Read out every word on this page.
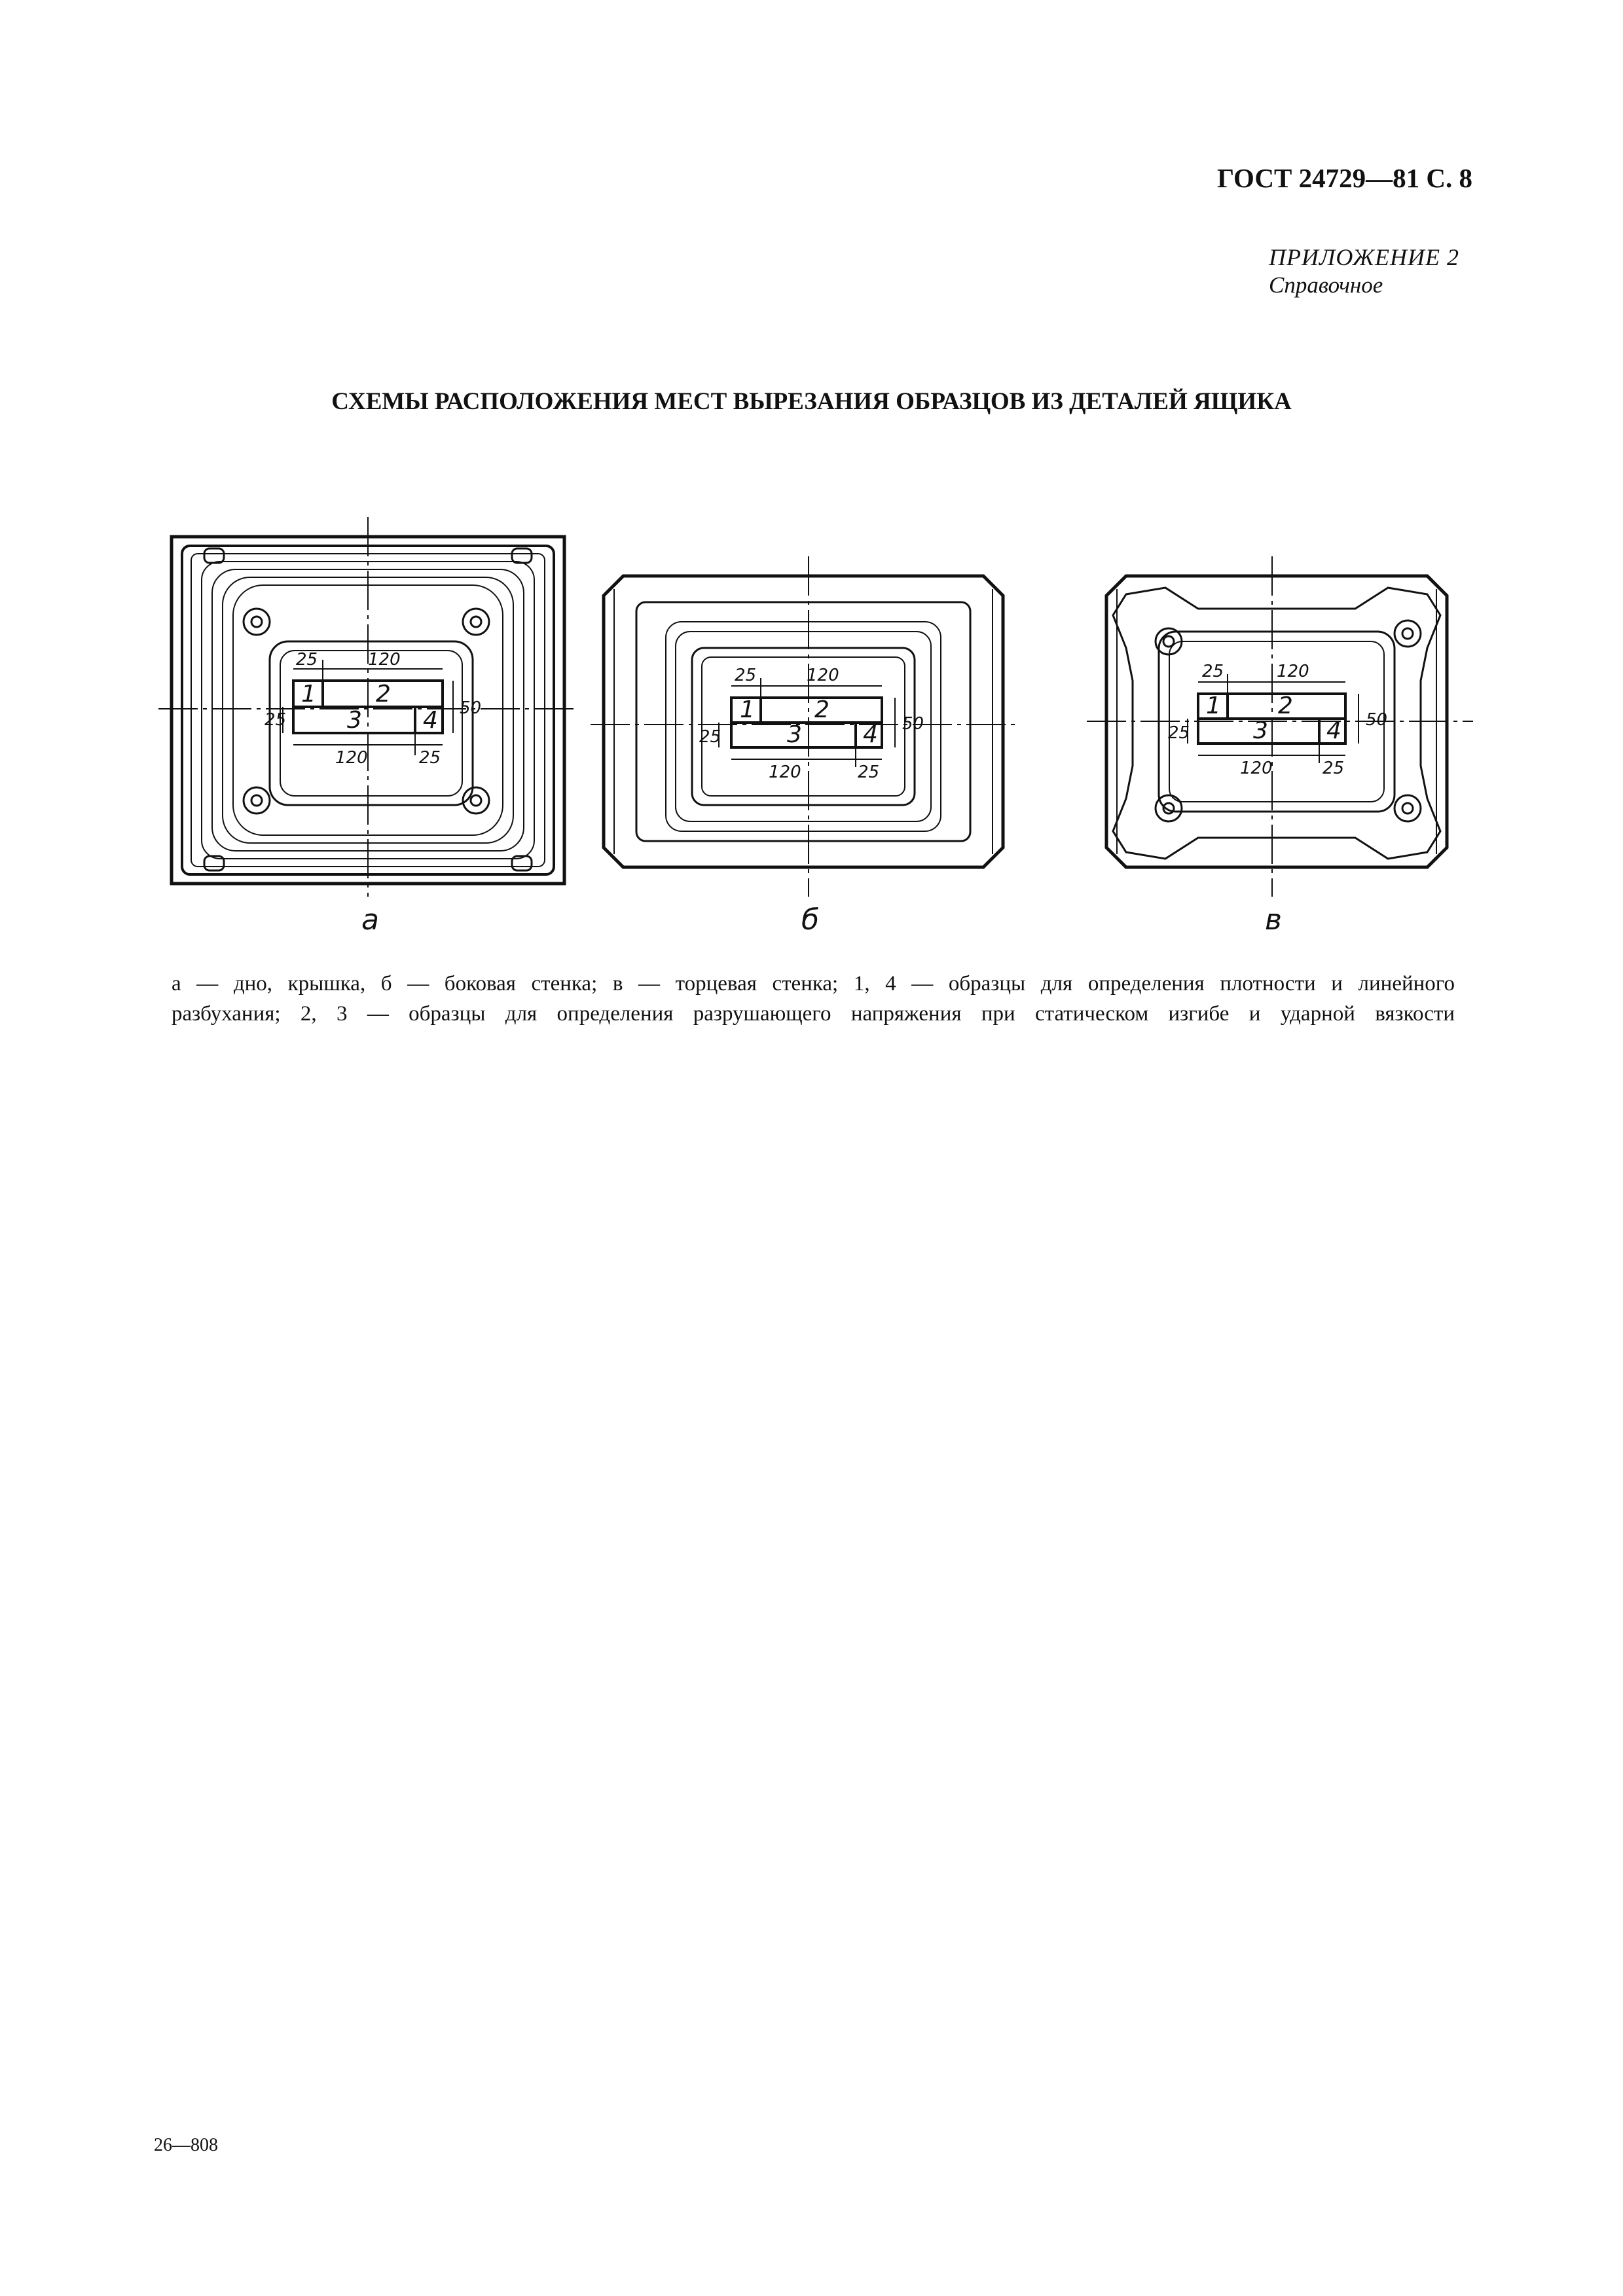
ГОСТ 24729—81 С. 8
ПРИЛОЖЕНИЕ 2
Справочное
СХЕМЫ РАСПОЛОЖЕНИЯ МЕСТ ВЫРЕЗАНИЯ ОБРАЗЦОВ ИЗ ДЕТАЛЕЙ ЯЩИКА
25	120
120	25
25
50
1	2
3	4
а
25	120
120	25
25
50
1	2
3	4
б
25	120
120	25
25
50
1 2
3 4
в

а — дно, крышка, б — боковая стенка; в — торцевая стенка; 1, 4 — образцы для определения плотности и линейного

разбухания; 2, 3 — образцы для определения разрушающего напряжения при статическом изгибе и ударной вязкости

26—808
